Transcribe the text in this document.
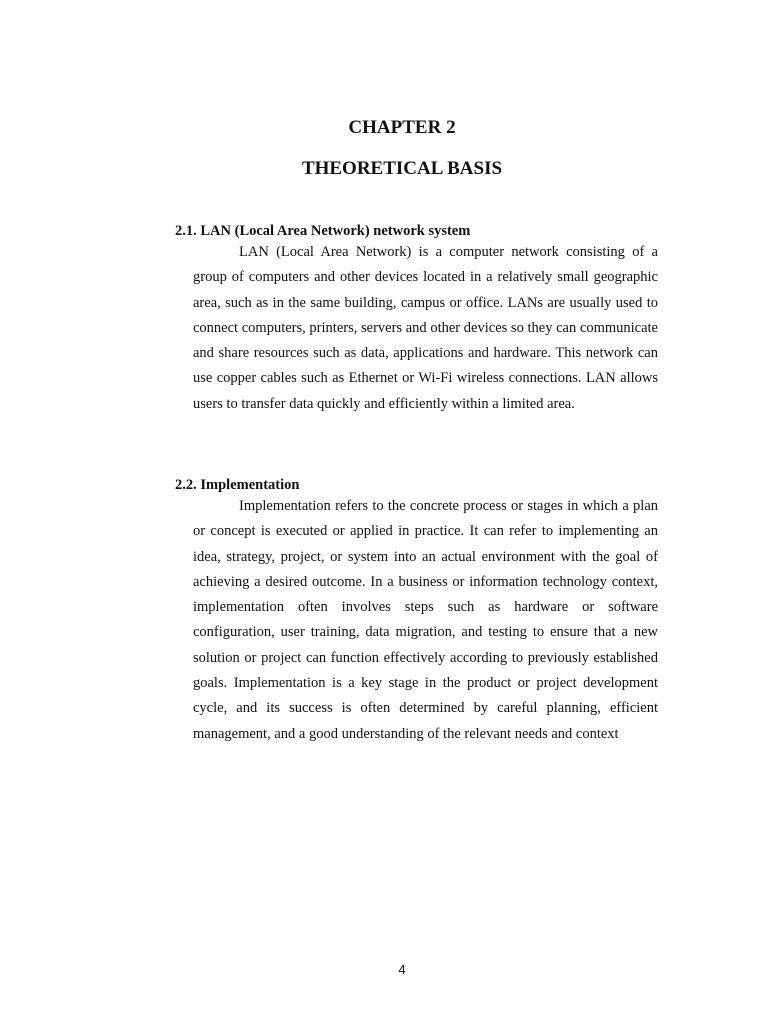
CHAPTER 2
THEORETICAL BASIS

2.1. LAN (Local Area Network) network system

LAN (Local Area Network) is a computer network consisting of a group of computers and other devices located in a relatively small geographic area, such as in the same building, campus or office. LANs are usually used to connect computers, printers, servers and other devices so they can communicate and share resources such as data, applications and hardware. This network can use copper cables such as Ethernet or Wi-Fi wireless connections. LAN allows users to transfer data quickly and efficiently within a limited area.

2.2. Implementation

Implementation refers to the concrete process or stages in which a plan or concept is executed or applied in practice. It can refer to implementing an idea, strategy, project, or system into an actual environment with the goal of achieving a desired outcome. In a business or information technology context, implementation often involves steps such as hardware or software configuration, user training, data migration, and testing to ensure that a new solution or project can function effectively according to previously established goals. Implementation is a key stage in the product or project development cycle, and its success is often determined by careful planning, efficient management, and a good understanding of the relevant needs and context

4
